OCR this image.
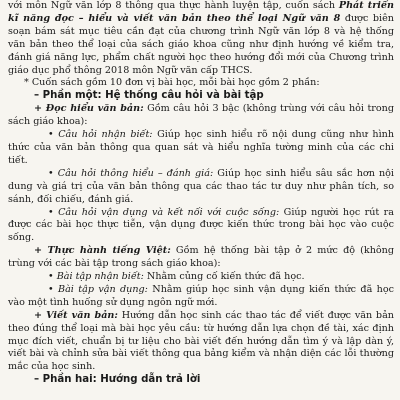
với môn Ngữ văn lớp 8 thông qua thực hành luyện tập, cuốn sách Phát triển kĩ năng đọc – hiểu và viết văn bản theo thể loại Ngữ văn 8 được biên soạn bám sát mục tiêu cần đạt của chương trình Ngữ văn lớp 8 và hệ thống văn bản theo thể loại của sách giáo khoa cũng như định hướng về kiểm tra, đánh giá năng lực, phẩm chất người học theo hướng đổi mới của Chương trình giáo dục phổ thông 2018 môn Ngữ văn cấp THCS.

* Cuốn sách gồm 10 đơn vị bài học, mỗi bài học gồm 2 phần:

– Phần một: Hệ thống câu hỏi và bài tập

+ Đọc hiểu văn bản: Gồm câu hỏi 3 bậc (không trùng với câu hỏi trong sách giáo khoa):

• Câu hỏi nhận biết: Giúp học sinh hiểu rõ nội dung cũng như hình thức của văn bản thông qua quan sát và hiểu nghĩa tường minh của các chi tiết.

• Câu hỏi thông hiểu – đánh giá: Giúp học sinh hiểu sâu sắc hơn nội dung và giá trị của văn bản thông qua các thao tác tư duy như phân tích, so sánh, đối chiếu, đánh giá.

• Câu hỏi vận dụng và kết nối với cuộc sống: Giúp người học rút ra được các bài học thực tiễn, vận dụng được kiến thức trong bài học vào cuộc sống.

+ Thực hành tiếng Việt: Gồm hệ thống bài tập ở 2 mức độ (không trùng với các bài tập trong sách giáo khoa):

• Bài tập nhận biết: Nhằm củng cố kiến thức đã học.

• Bài tập vận dụng: Nhằm giúp học sinh vận dụng kiến thức đã học vào một tình huống sử dụng ngôn ngữ mới.

+ Viết văn bản: Hướng dẫn học sinh các thao tác để viết được văn bản theo đúng thể loại mà bài học yêu cầu: từ hướng dẫn lựa chọn đề tài, xác định mục đích viết, chuẩn bị tư liệu cho bài viết đến hướng dẫn tìm ý và lập dàn ý, viết bài và chỉnh sửa bài viết thông qua bảng kiểm và nhận diện các lỗi thường mắc của học sinh.

– Phần hai: Hướng dẫn trả lời
